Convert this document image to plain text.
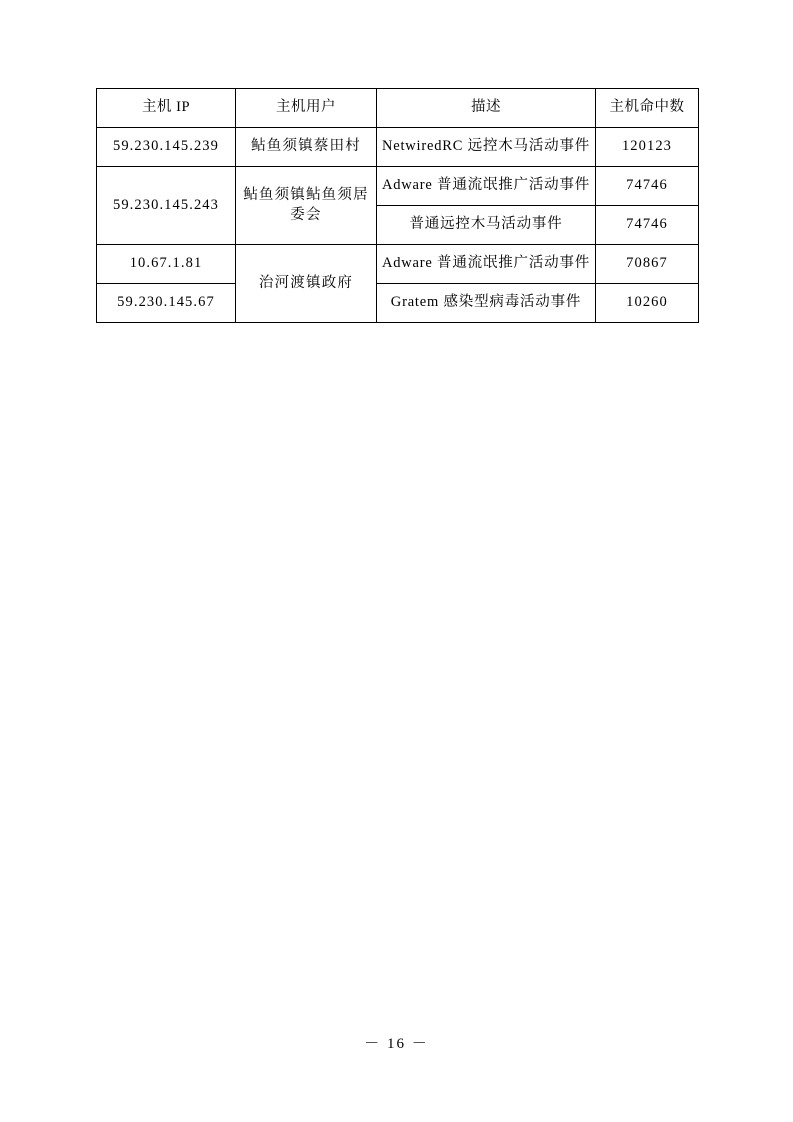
主机 IP	主机用户	描述	主机命中数
59.230.145.239	鲇鱼须镇蔡田村	NetwiredRC 远控木马活动事件	120123
59.230.145.243	鲇鱼须镇鲇鱼须居委会	Adware 普通流氓推广活动事件	74746
		普通远控木马活动事件	74746
10.67.1.81	治河渡镇政府	Adware 普通流氓推广活动事件	70867
59.230.145.67		Gratem 感染型病毒活动事件	10260
－ 16 －
